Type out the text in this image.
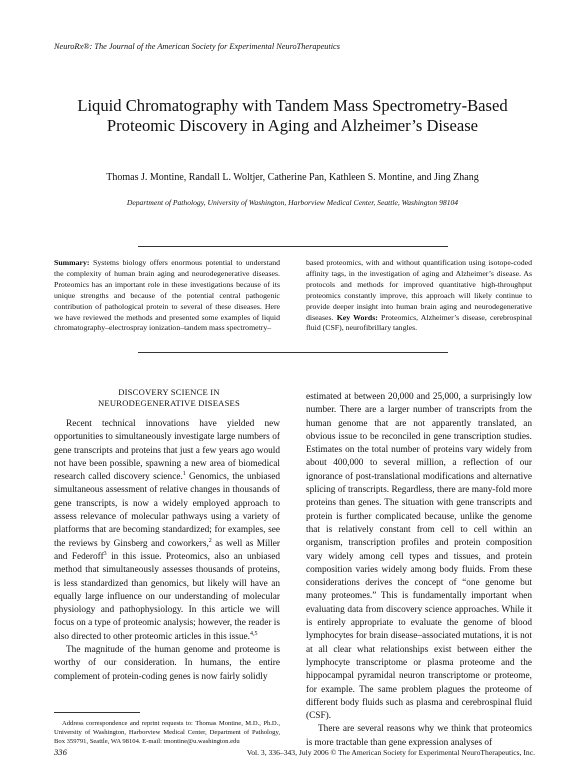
NeuroRx®: The Journal of the American Society for Experimental NeuroTherapeutics
Liquid Chromatography with Tandem Mass Spectrometry-Based
Proteomic Discovery in Aging and Alzheimer’s Disease
Thomas J. Montine, Randall L. Woltjer, Catherine Pan, Kathleen S. Montine, and Jing Zhang
Department of Pathology, University of Washington, Harborview Medical Center, Seattle, Washington 98104
Summary: Systems biology offers enormous potential to understand the complexity of human brain aging and neurodegenerative diseases. Proteomics has an important role in these investigations because of its unique strengths and because of the potential central pathogenic contribution of pathological protein to several of these diseases. Here we have reviewed the methods and presented some examples of liquid chromatography–electrospray ionization–tandem mass spectrometry–
based proteomics, with and without quantification using isotope-coded affinity tags, in the investigation of aging and Alzheimer’s disease. As protocols and methods for improved quantitative high-throughput proteomics constantly improve, this approach will likely continue to provide deeper insight into human brain aging and neurodegenerative diseases. Key Words: Proteomics, Alzheimer’s disease, cerebrospinal fluid (CSF), neurofibrillary tangles.
DISCOVERY SCIENCE IN
NEURODEGENERATIVE DISEASES

Recent technical innovations have yielded new opportunities to simultaneously investigate large numbers of gene transcripts and proteins that just a few years ago would not have been possible, spawning a new area of biomedical research called discovery science.$^1$ Genomics, the unbiased simultaneous assessment of relative changes in thousands of gene transcripts, is now a widely employed approach to assess relevance of molecular pathways using a variety of platforms that are becoming standardized; for examples, see the reviews by Ginsberg and coworkers,$^2$ as well as Miller and Federoff$^3$ in this issue. Proteomics, also an unbiased method that simultaneously assesses thousands of proteins, is less standardized than genomics, but likely will have an equally large influence on our understanding of molecular physiology and pathophysiology. In this article we will focus on a type of proteomic analysis; however, the reader is also directed to other proteomic articles in this issue.$^{4,5}$

The magnitude of the human genome and proteome is worthy of our consideration. In humans, the entire complement of protein-coding genes is now fairly solidly

estimated at between 20,000 and 25,000, a surprisingly low number. There are a larger number of transcripts from the human genome that are not apparently translated, an obvious issue to be reconciled in gene transcription studies. Estimates on the total number of proteins vary widely from about 400,000 to several million, a reflection of our ignorance of post-translational modifications and alternative splicing of transcripts. Regardless, there are many-fold more proteins than genes. The situation with gene transcripts and protein is further complicated because, unlike the genome that is relatively constant from cell to cell within an organism, transcription profiles and protein composition vary widely among cell types and tissues, and protein composition varies widely among body fluids. From these considerations derives the concept of “one genome but many proteomes.” This is fundamentally important when evaluating data from discovery science approaches. While it is entirely appropriate to evaluate the genome of blood lymphocytes for brain disease–associated mutations, it is not at all clear what relationships exist between either the lymphocyte transcriptome or plasma proteome and the hippocampal pyramidal neuron transcriptome or proteome, for example. The same problem plagues the proteome of different body fluids such as plasma and cerebrospinal fluid (CSF).

There are several reasons why we think that proteomics is more tractable than gene expression analyses of

Address correspondence and reprint requests to: Thomas Montine, M.D., Ph.D., University of Washington, Harborview Medical Center, Department of Pathology, Box 359791, Seattle, WA 98104. E-mail: tmontine@u.washington.edu
336	Vol. 3, 336–343, July 2006 © The American Society for Experimental NeuroTherapeutics, Inc.
